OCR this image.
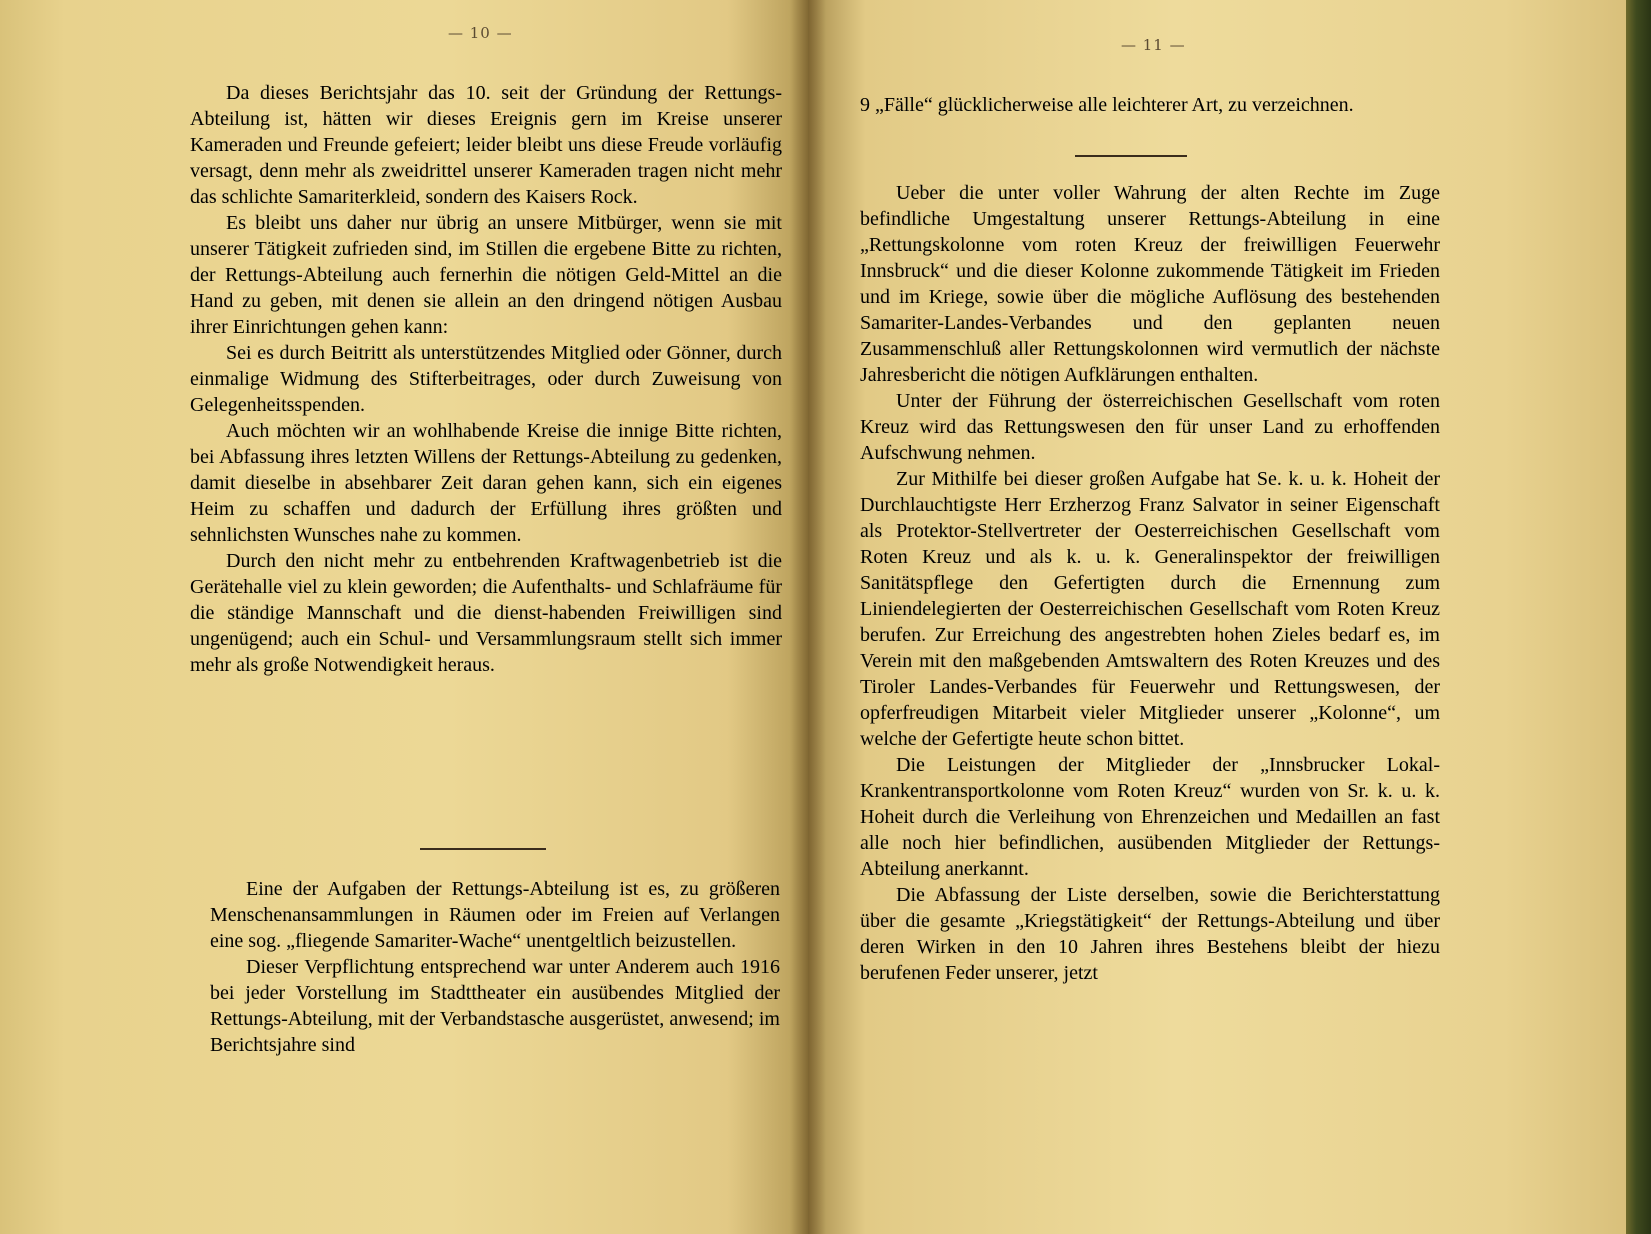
— 10 —
— 11 —

Da dieses Berichtsjahr das 10. seit der Gründung der Rettungs-Abteilung ist, hätten wir dieses Ereignis gern im Kreise unserer Kameraden und Freunde gefeiert; leider bleibt uns diese Freude vorläufig versagt, denn mehr als zweidrittel unserer Kameraden tragen nicht mehr das schlichte Samariterkleid, sondern des Kaisers Rock.

Es bleibt uns daher nur übrig an unsere Mitbürger, wenn sie mit unserer Tätigkeit zufrieden sind, im Stillen die ergebene Bitte zu richten, der Rettungs-Abteilung auch fernerhin die nötigen Geld-Mittel an die Hand zu geben, mit denen sie allein an den dringend nötigen Ausbau ihrer Einrichtungen gehen kann:

Sei es durch Beitritt als unterstützendes Mitglied oder Gönner, durch einmalige Widmung des Stifterbeitrages, oder durch Zuweisung von Gelegenheitsspenden.

Auch möchten wir an wohlhabende Kreise die innige Bitte richten, bei Abfassung ihres letzten Willens der Rettungs-Abteilung zu gedenken, damit dieselbe in absehbarer Zeit daran gehen kann, sich ein eigenes Heim zu schaffen und dadurch der Erfüllung ihres größten und sehnlichsten Wunsches nahe zu kommen.

Durch den nicht mehr zu entbehrenden Kraftwagenbetrieb ist die Gerätehalle viel zu klein geworden; die Aufenthalts- und Schlafräume für die ständige Mannschaft und die dienst-habenden Freiwilligen sind ungenügend; auch ein Schul- und Versammlungsraum stellt sich immer mehr als große Notwendigkeit heraus.

Eine der Aufgaben der Rettungs-Abteilung ist es, zu größeren Menschenansammlungen in Räumen oder im Freien auf Verlangen eine sog. „fliegende Samariter-Wache“ unentgeltlich beizustellen.

Dieser Verpflichtung entsprechend war unter Anderem auch 1916 bei jeder Vorstellung im Stadttheater ein ausübendes Mitglied der Rettungs-Abteilung, mit der Verbandstasche ausgerüstet, anwesend; im Berichtsjahre sind

9 „Fälle“ glücklicherweise alle leichterer Art, zu verzeichnen.

Ueber die unter voller Wahrung der alten Rechte im Zuge befindliche Umgestaltung unserer Rettungs-Abteilung in eine „Rettungskolonne vom roten Kreuz der freiwilligen Feuerwehr Innsbruck“ und die dieser Kolonne zukommende Tätigkeit im Frieden und im Kriege, sowie über die mögliche Auflösung des bestehenden Samariter-Landes-Verbandes und den geplanten neuen Zusammenschluß aller Rettungskolonnen wird vermutlich der nächste Jahresbericht die nötigen Aufklärungen enthalten.

Unter der Führung der österreichischen Gesellschaft vom roten Kreuz wird das Rettungswesen den für unser Land zu erhoffenden Aufschwung nehmen.

Zur Mithilfe bei dieser großen Aufgabe hat Se. k. u. k. Hoheit der Durchlauchtigste Herr Erzherzog Franz Salvator in seiner Eigenschaft als Protektor-Stellvertreter der Oesterreichischen Gesellschaft vom Roten Kreuz und als k. u. k. Generalinspektor der freiwilligen Sanitätspflege den Gefertigten durch die Ernennung zum Liniendelegierten der Oesterreichischen Gesellschaft vom Roten Kreuz berufen. Zur Erreichung des angestrebten hohen Zieles bedarf es, im Verein mit den maßgebenden Amtswaltern des Roten Kreuzes und des Tiroler Landes-Verbandes für Feuerwehr und Rettungswesen, der opferfreudigen Mitarbeit vieler Mitglieder unserer „Kolonne“, um welche der Gefertigte heute schon bittet.

Die Leistungen der Mitglieder der „Innsbrucker Lokal-Krankentransportkolonne vom Roten Kreuz“ wurden von Sr. k. u. k. Hoheit durch die Verleihung von Ehrenzeichen und Medaillen an fast alle noch hier befindlichen, ausübenden Mitglieder der Rettungs-Abteilung anerkannt.

Die Abfassung der Liste derselben, sowie die Berichterstattung über die gesamte „Kriegstätigkeit“ der Rettungs-Abteilung und über deren Wirken in den 10 Jahren ihres Bestehens bleibt der hiezu berufenen Feder unserer, jetzt
